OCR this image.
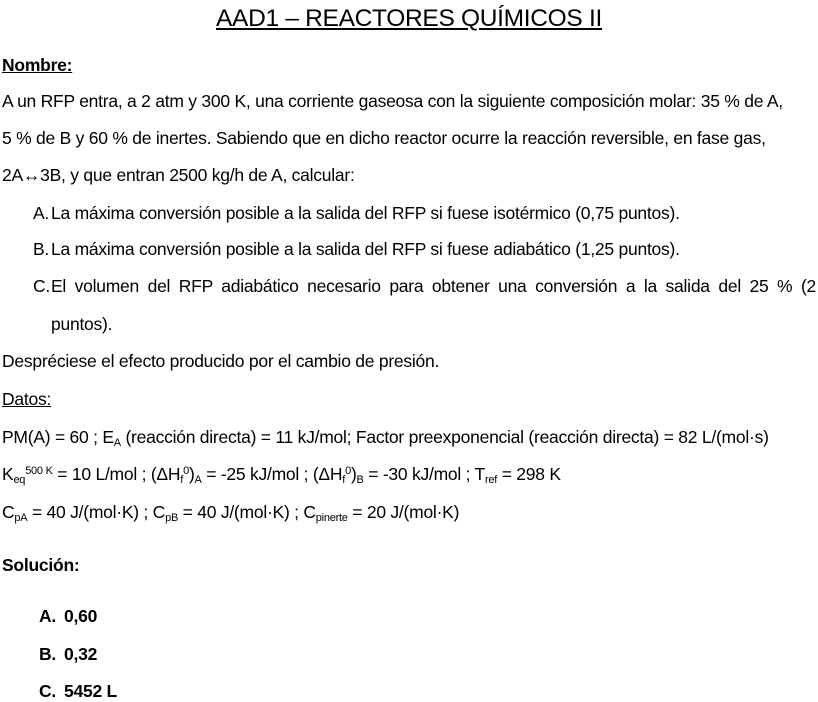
AAD1 – REACTORES QUÍMICOS II
Nombre:
A un RFP entra, a 2 atm y 300 K, una corriente gaseosa con la siguiente composición molar: 35 % de A,
5 % de B y 60 % de inertes. Sabiendo que en dicho reactor ocurre la reacción reversible, en fase gas,
2A↔3B, y que entran 2500 kg/h de A, calcular:
A. La máxima conversión posible a la salida del RFP si fuese isotérmico (0,75 puntos).
B. La máxima conversión posible a la salida del RFP si fuese adiabático (1,25 puntos).
C. El volumen del RFP adiabático necesario para obtener una conversión a la salida del 25 % (2
puntos).
Despréciese el efecto producido por el cambio de presión.
Datos:
PM(A) = 60 ; $E_A$ (reacción directa) = 11 kJ/mol; Factor preexponencial (reacción directa) = 82 L/(mol·s)
$K_{eq}^{500 K} = 10$ L/mol ; $(\Delta H_f^0)_A = -25$ kJ/mol ; $(\Delta H_f^0)_B = -30$ kJ/mol ; $T_{ref} = 298$ K
$C_{pA} = 40$ J/(mol·K) ; $C_{pB} = 40$ J/(mol·K) ; $C_{pinerte} = 20$ J/(mol·K)
Solución:
A. 0,60
B. 0,32
C. 5452 L
